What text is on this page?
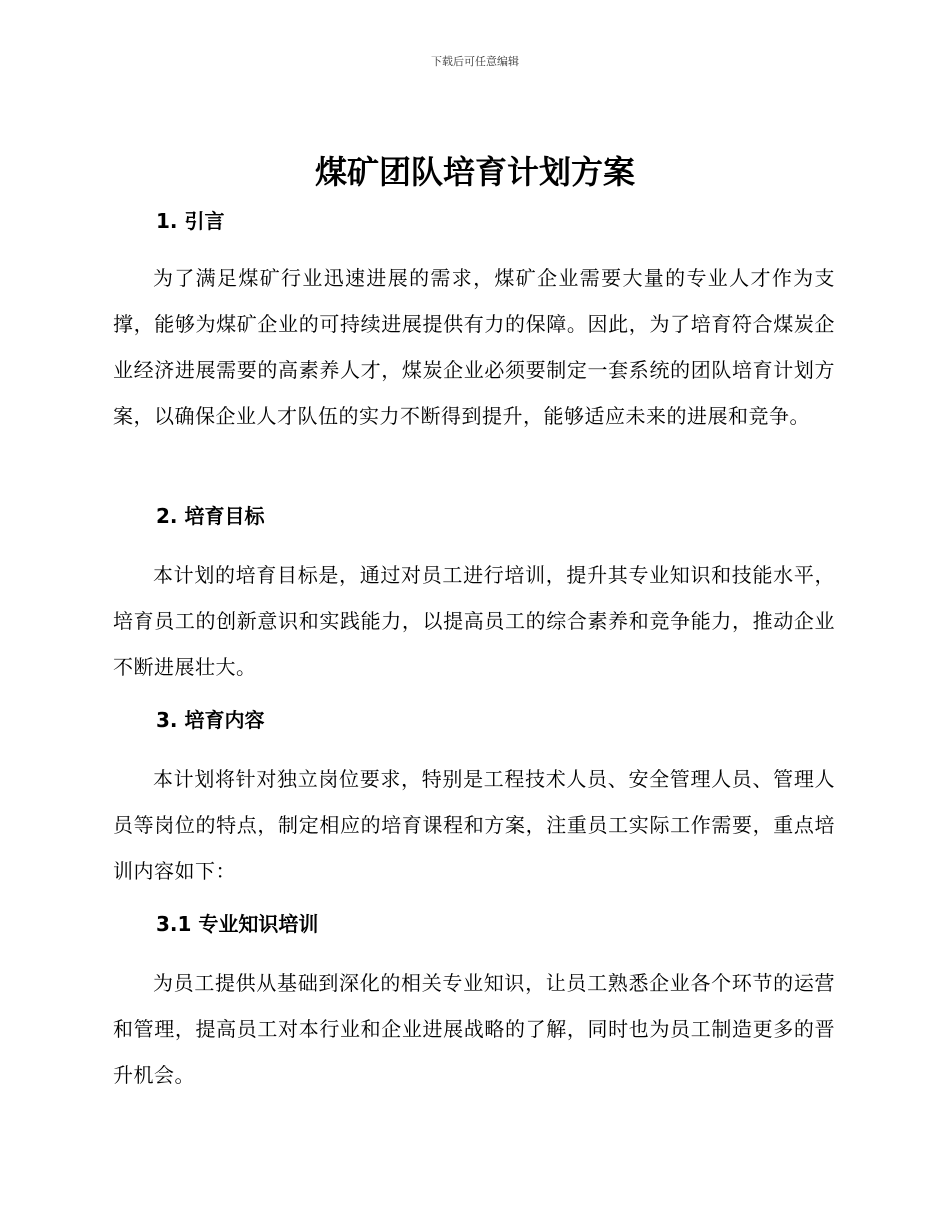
下载后可任意编辑
煤矿团队培育计划方案
1. 引言

为了满足煤矿行业迅速进展的需求，煤矿企业需要大量的专业人才作为支撑，能够为煤矿企业的可持续进展提供有力的保障。因此，为了培育符合煤炭企业经济进展需要的高素养人才，煤炭企业必须要制定一套系统的团队培育计划方案，以确保企业人才队伍的实力不断得到提升，能够适应未来的进展和竞争。

2. 培育目标

本计划的培育目标是，通过对员工进行培训，提升其专业知识和技能水平，培育员工的创新意识和实践能力，以提高员工的综合素养和竞争能力，推动企业不断进展壮大。

3. 培育内容

本计划将针对独立岗位要求，特别是工程技术人员、安全管理人员、管理人员等岗位的特点，制定相应的培育课程和方案，注重员工实际工作需要，重点培训内容如下：

3.1 专业知识培训

为员工提供从基础到深化的相关专业知识，让员工熟悉企业各个环节的运营和管理，提高员工对本行业和企业进展战略的了解，同时也为员工制造更多的晋升机会。
